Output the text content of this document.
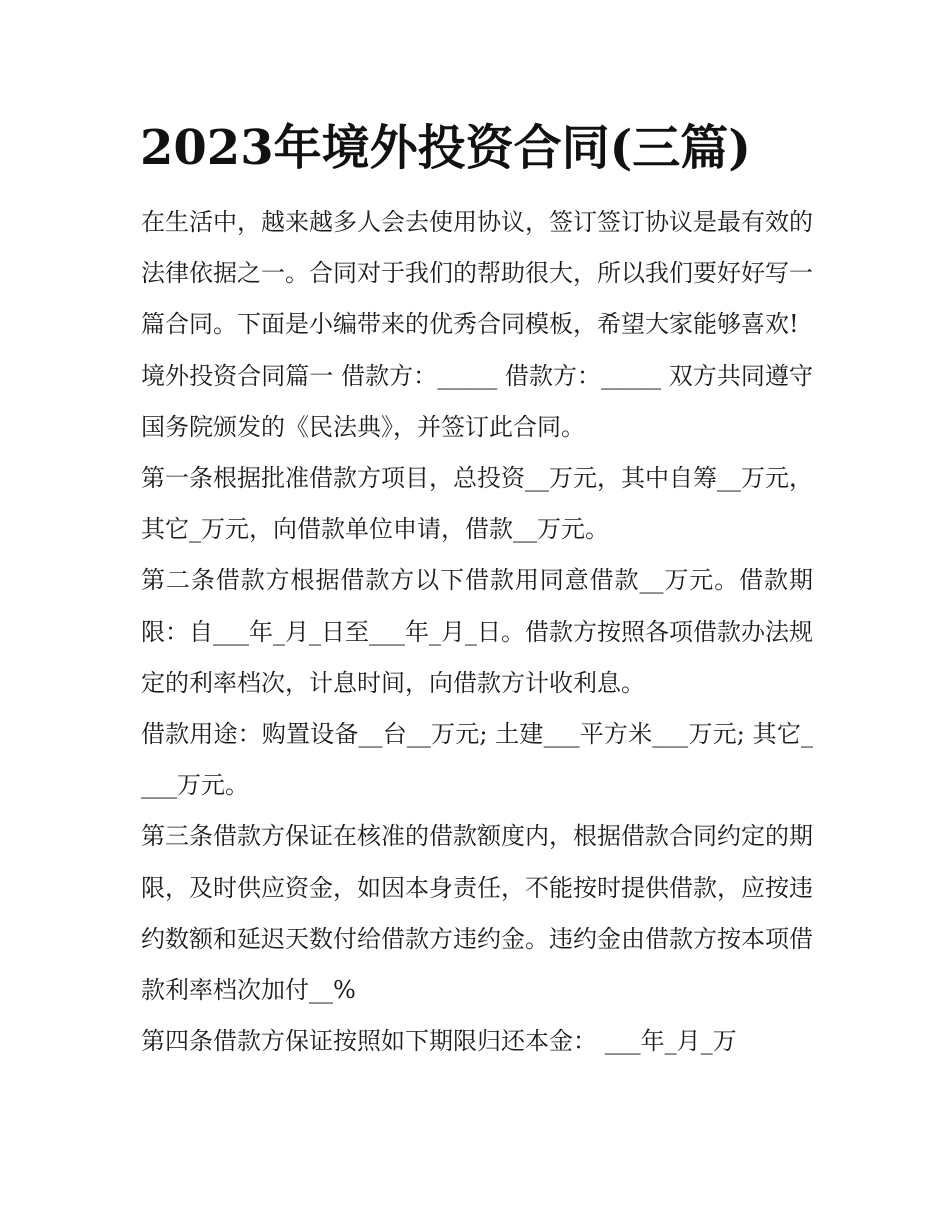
2023年境外投资合同(三篇)

在生活中，越来越多人会去使用协议，签订签订协议是最有效的法律依据之一。合同对于我们的帮助很大，所以我们要好好写一篇合同。下面是小编带来的优秀合同模板，希望大家能够喜欢!

境外投资合同篇一 借款方：_____ 借款方：_____ 双方共同遵守国务院颁发的《民法典》，并签订此合同。

第一条根据批准借款方项目，总投资__万元，其中自筹__万元， 其它_万元，向借款单位申请，借款__万元。

第二条借款方根据借款方以下借款用同意借款__万元。借款期限：自___年_月_日至___年_月_日。借款方按照各项借款办法规定的利率档次，计息时间，向借款方计收利息。

借款用途：购置设备__台__万元; 土建___平方米___万元; 其它____万元。

第三条借款方保证在核准的借款额度内，根据借款合同约定的期限，及时供应资金，如因本身责任，不能按时提供借款，应按违约数额和延迟天数付给借款方违约金。违约金由借款方按本项借款利率档次加付__%

第四条借款方保证按照如下期限归还本金： ___年_月_万
